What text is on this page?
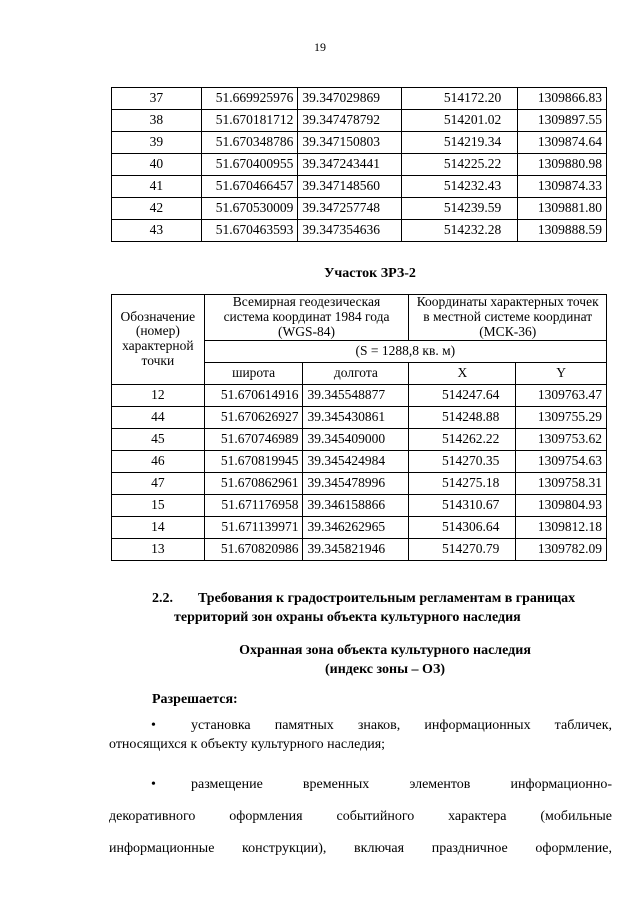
19
37	51.669925976	39.347029869	514172.20	1309866.83
38	51.670181712	39.347478792	514201.02	1309897.55
39	51.670348786	39.347150803	514219.34	1309874.64
40	51.670400955	39.347243441	514225.22	1309880.98
41	51.670466457	39.347148560	514232.43	1309874.33
42	51.670530009	39.347257748	514239.59	1309881.80
43	51.670463593	39.347354636	514232.28	1309888.59
Участок ЗРЗ-2
Обозначение (номер) характерной точки	Всемирная геодезическая система координат 1984 года (WGS-84)		Координаты характерных точек в местной системе координат (МСК-36)	
	(S = 1288,8 кв. м)			
	широта	долгота	X	Y
12	51.670614916	39.345548877	514247.64	1309763.47
44	51.670626927	39.345430861	514248.88	1309755.29
45	51.670746989	39.345409000	514262.22	1309753.62
46	51.670819945	39.345424984	514270.35	1309754.63
47	51.670862961	39.345478996	514275.18	1309758.31
15	51.671176958	39.346158866	514310.67	1309804.93
14	51.671139971	39.346262965	514306.64	1309812.18
13	51.670820986	39.345821946	514270.79	1309782.09
2.2. Требования к градостроительным регламентам в границах
территорий зон охраны объекта культурного наследия
Охранная зона объекта культурного наследия
(индекс зоны – ОЗ)
Разрешается:
•	установка памятных знаков, информационных табличек,
относящихся к объекту культурного наследия;
•	размещение временных элементов информационно-
декоративного оформления событийного характера (мобильные
информационные конструкции), включая праздничное оформление,
